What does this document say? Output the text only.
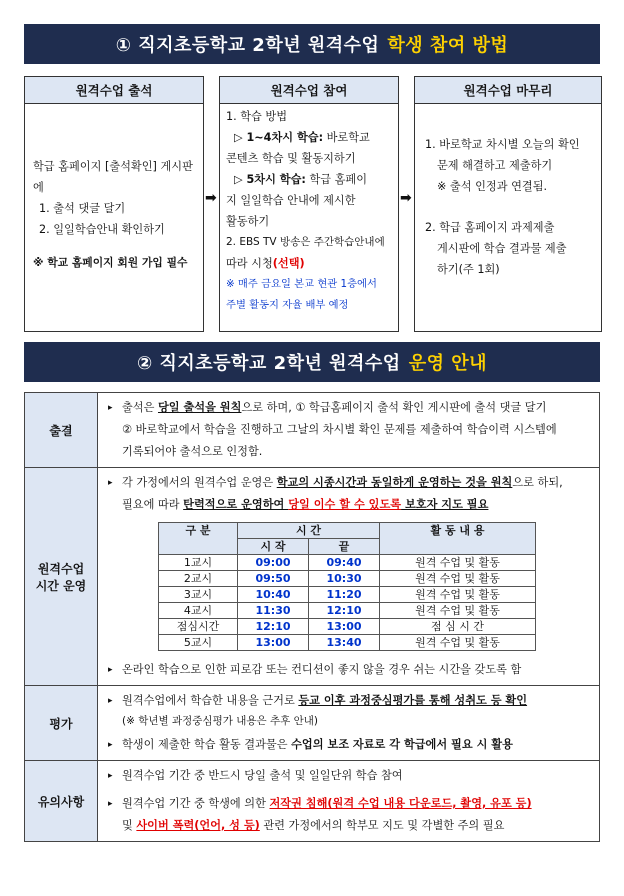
① 직지초등학교 2학년 원격수업 학생 참여 방법
원격수업 출석
학급 홈페이지 [출석확인] 게시판에
1. 출석 댓글 달기
2. 일일학습안내 확인하기
※ 학교 홈페이지 회원 가입 필수
➡
원격수업 참여
1. 학습 방법
▷ 1~4차시 학습: 바로학교
콘텐츠 학습 및 활동지하기
▷ 5차시 학습: 학급 홈페이
지 일일학습 안내에 제시한
활동하기
2. EBS TV 방송은 주간학습안내에
따라 시청(선택)
※ 매주 금요일 본교 현관 1층에서
주별 활동지 자율 배부 예정
➡
원격수업 마무리
1. 바로학교 차시별 오늘의 확인
문제 해결하고 제출하기
※ 출석 인정과 연결됨.
2. 학급 홈페이지 과제제출
게시판에 학습 결과물 제출
하기(주 1회)
② 직지초등학교 2학년 원격수업 운영 안내
출결	
▸ 출석은 당일 출석을 원칙으로 하며, ① 학급홈페이지 출석 확인 게시판에 출석 댓글 달기
② 바로학교에서 학습을 진행하고 그날의 차시별 확인 문제를 제출하여 학습이력 시스템에
기록되어야 출석으로 인정함.

원격수업
시간 운영

▸ 각 가정에서의 원격수업 운영은 학교의 시종시간과 동일하게 운영하는 것을 원칙으로 하되,
필요에 따라 탄력적으로 운영하여 당일 이수 할 수 있도록 보호자 지도 필요
구 분	시 간	활 동 내 용
시 작	끝
1교시	09:00	09:40	원격 수업 및 활동
2교시	09:50	10:30	원격 수업 및 활동
3교시	10:40	11:20	원격 수업 및 활동
4교시	11:30	12:10	원격 수업 및 활동
점심시간	12:10	13:00	점 심 시 간
5교시	13:00	13:40	원격 수업 및 활동
▸ 온라인 학습으로 인한 피로감 또는 컨디션이 좋지 않을 경우 쉬는 시간을 갖도록 함

평가	
▸ 원격수업에서 학습한 내용을 근거로 등교 이후 과정중심평가를 통해 성취도 등 확인
(※ 학년별 과정중심평가 내용은 추후 안내)
▸ 학생이 제출한 학습 활동 결과물은 수업의 보조 자료로 각 학급에서 필요 시 활용

유의사항	
▸ 원격수업 기간 중 반드시 당일 출석 및 일일단위 학습 참여
▸ 원격수업 기간 중 학생에 의한 저작권 침해(원격 수업 내용 다운로드, 촬영, 유포 등)
및 사이버 폭력(언어, 성 등) 관련 가정에서의 학부모 지도 및 각별한 주의 필요
